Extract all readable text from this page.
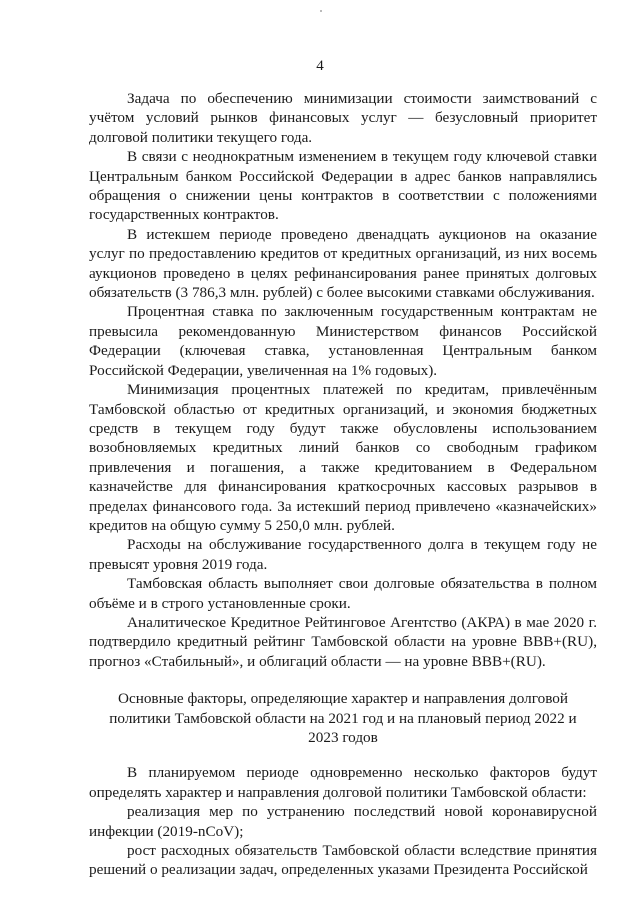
4

Задача по обеспечению минимизации стоимости заимствований с учётом условий рынков финансовых услуг — безусловный приоритет долговой политики текущего года.

В связи с неоднократным изменением в текущем году ключевой ставки Центральным банком Российской Федерации в адрес банков направлялись обращения о снижении цены контрактов в соответствии с положениями государственных контрактов.

В истекшем периоде проведено двенадцать аукционов на оказание услуг по предоставлению кредитов от кредитных организаций, из них восемь аукционов проведено в целях рефинансирования ранее принятых долговых обязательств (3 786,3 млн. рублей) с более высокими ставками обслуживания.

Процентная ставка по заключенным государственным контрактам не превысила рекомендованную Министерством финансов Российской Федерации (ключевая ставка, установленная Центральным банком Российской Федерации, увеличенная на 1% годовых).

Минимизация процентных платежей по кредитам, привлечённым Тамбовской областью от кредитных организаций, и экономия бюджетных средств в текущем году будут также обусловлены использованием возобновляемых кредитных линий банков со свободным графиком привлечения и погашения, а также кредитованием в Федеральном казначействе для финансирования краткосрочных кассовых разрывов в пределах финансового года. За истекший период привлечено «казначейских» кредитов на общую сумму 5 250,0 млн. рублей.

Расходы на обслуживание государственного долга в текущем году не превысят уровня 2019 года.

Тамбовская область выполняет свои долговые обязательства в полном объёме и в строго установленные сроки.

Аналитическое Кредитное Рейтинговое Агентство (АКРА) в мае 2020 г. подтвердило кредитный рейтинг Тамбовской области на уровне BBB+(RU), прогноз «Стабильный», и облигаций области — на уровне BBB+(RU).

Основные факторы, определяющие характер и направления долговой политики Тамбовской области на 2021 год и на плановый период 2022 и 2023 годов

В планируемом периоде одновременно несколько факторов будут определять характер и направления долговой политики Тамбовской области:

реализация мер по устранению последствий новой коронавирусной инфекции (2019-nCoV);

рост расходных обязательств Тамбовской области вследствие принятия решений о реализации задач, определенных указами Президента Российской
